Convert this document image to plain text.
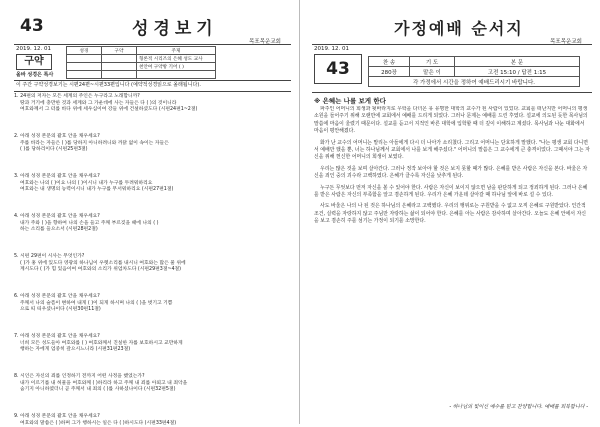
43	성경보기
목포목운교회
2019. 12. 01
구약
성경	구약	주제
		형론적 시리즈의 은혜 성도 교사
		천안여 구약방 기어 ( )

올바 성경은 특사
이 주간 구약성경보기는 시편24편~시편33편입니다 (예약적성경읽으로 올래됩니다).

1. 24편의 저자는 모든 세계의 주인은 누구라고 노래합니까?

땅과 거기에 충만한 것과 세계와 그 가운데에 사는 자들은 다 ( )의 것이니라

여호와께서 그 터를 바다 위에 세우심이여 강들 위에 건설하셨도다 (시편24편1~2절)

2. 아래 성경 본문의 괄호 안을 채우세요?

주를 바라는 자들은 ( )를 당하지 아니하려니와 까닭 없이 속이는 자들은

( )를 당하리이다 (시편25편3절)

3. 아래 성경 본문의 괄호 안을 채우세요?

여호와는 나의 ( )이요 나의 ( )이시니 내가 누구를 두려워하리요

여호와는 내 생명의 능력이시니 내가 누구를 무서워하리요 (시편27편1절)

4. 아래 성경 본문의 괄호 안을 채우세요?

내가 주와 ( )을 향하여 나의 손을 들고 주께 부르짖을 때에 나의 ( )

하는 소리를 들으소서 (시편28편2절)

5. 시편 29편이 시사는 무엇인가?

( )가 홍 위에 있도다 영광의 하나님이 우렛소리를 내시니 여호와는 많은 물 위에

계시도다 ( )가 힘 있음이여 여호와의 소리가 위엄차도다 (시편29편3절~4절)

6. 아래 성경 본문의 괄호 안을 채우세요?

주께서 나의 슬픔이 변하여 내게 ( )이 되게 하시며 나의 ( )을 벗기고 기쁨

으로 띠 띠우셨나이다 (시편30편11절)

7. 아래 성경 본문의 괄호 안을 채우세요?

너희 모든 성도들아 여호와를 ( ) 여호와께서 진실한 자를 보호하시고 교만하게

행하는 자에게 엄중히 갚으시느니라 (시편31편23절)

8. 시인은 자신의 죄를 인정하기 전까지 어떤 사정을 했었는가?

내가 이르기를 내 허물을 여호와께 ( )하리라 하고 주께 내 죄를 아뢰고 내 죄악을

숨기지 아니하였더니 곧 주께서 내 죄의 ( )를 사하셨나이다 (시편32편5절)

9. 아래 성경 본문의 괄호 안을 채우세요?

여호와의 말씀은 ( )하며 그가 행하시는 일은 다 ( )하시도다 (시편33편4절)

가정예배 순서지
목포목운교회
2019. 12. 01
43	찬 송	기 도	본 문
280장	맡은 이	고전 15:10 / 답전 1:15
각 가정에서 시간을 정하여 예배드리시기 바랍니다.		
※ 은혜는 나를 보게 한다

파주인 어머니의 희생과 뒷바라지로 우학을 다녀온 유 유명한 대학의 교수가 된 사람이 있었다. 교회를 떠난지만 어머니의 평생소원을 들어주기 위해 오랜만에 교회에서 예배를 드리게 되었다. 그러나 문제는 예배를 드린 후였다. 설교에 의도된 듯한 목사님의 말씀에 마음이 울렸기 때문이다. 설교를 듣고서 지적인 바른 대학에 입학할 때 더 깊이 이해하고 계셨다. 목사님과 나눈 대화에서 마음이 평안해졌다.

화가 난 교수의 어머니는 말리는 아들에게 다시 더 나아가 소리쳤다. 그리고 어머니는 단호하게 말했다. "나는 평생 교회 다니면서 예배만 했을 뿐, 너는 하나님께서 교회에서 나를 보게 해주셨다." 어머니의 말씀은 그 교수에게 큰 충격이었다. 그때서야 그는 자신을 위해 헌신한 어머니의 희생이 보였다.

우리는 많은 것을 보며 살아간다. 그러나 정작 보아야 할 것은 보지 못할 때가 많다. 은혜를 받은 사람은 자신을 본다. 바울은 자신을 죄인 중의 괴수라 고백하였다. 은혜가 클수록 자신을 낮추게 된다.

누구든 무엇보다 먼저 자신을 볼 수 있어야 한다. 사람은 자신이 보이지 않으면 남을 판단하게 되고 정죄하게 된다. 그러나 은혜를 받은 사람은 자신의 부족함을 알고 겸손하게 된다. 우리가 은혜 가운데 살아갈 때 하나님 앞에 바로 설 수 있다.

사도 바울은 나의 나 된 것은 하나님의 은혜라고 고백했다. 우리의 행위로는 구원받을 수 없고 오직 은혜로 구원받았다. 인간적 조건, 실력을 자랑하지 않고 주님만 자랑하는 삶이 되어야 한다. 은혜를 아는 사람은 감사하며 살아간다. 오늘도 은혜 안에서 자신을 보고 겸손히 주를 섬기는 가정이 되기를 소망한다.

- 하나님의 빛이신 예수를 믿고 찬양합니다. 예배를 회복합니다 -
